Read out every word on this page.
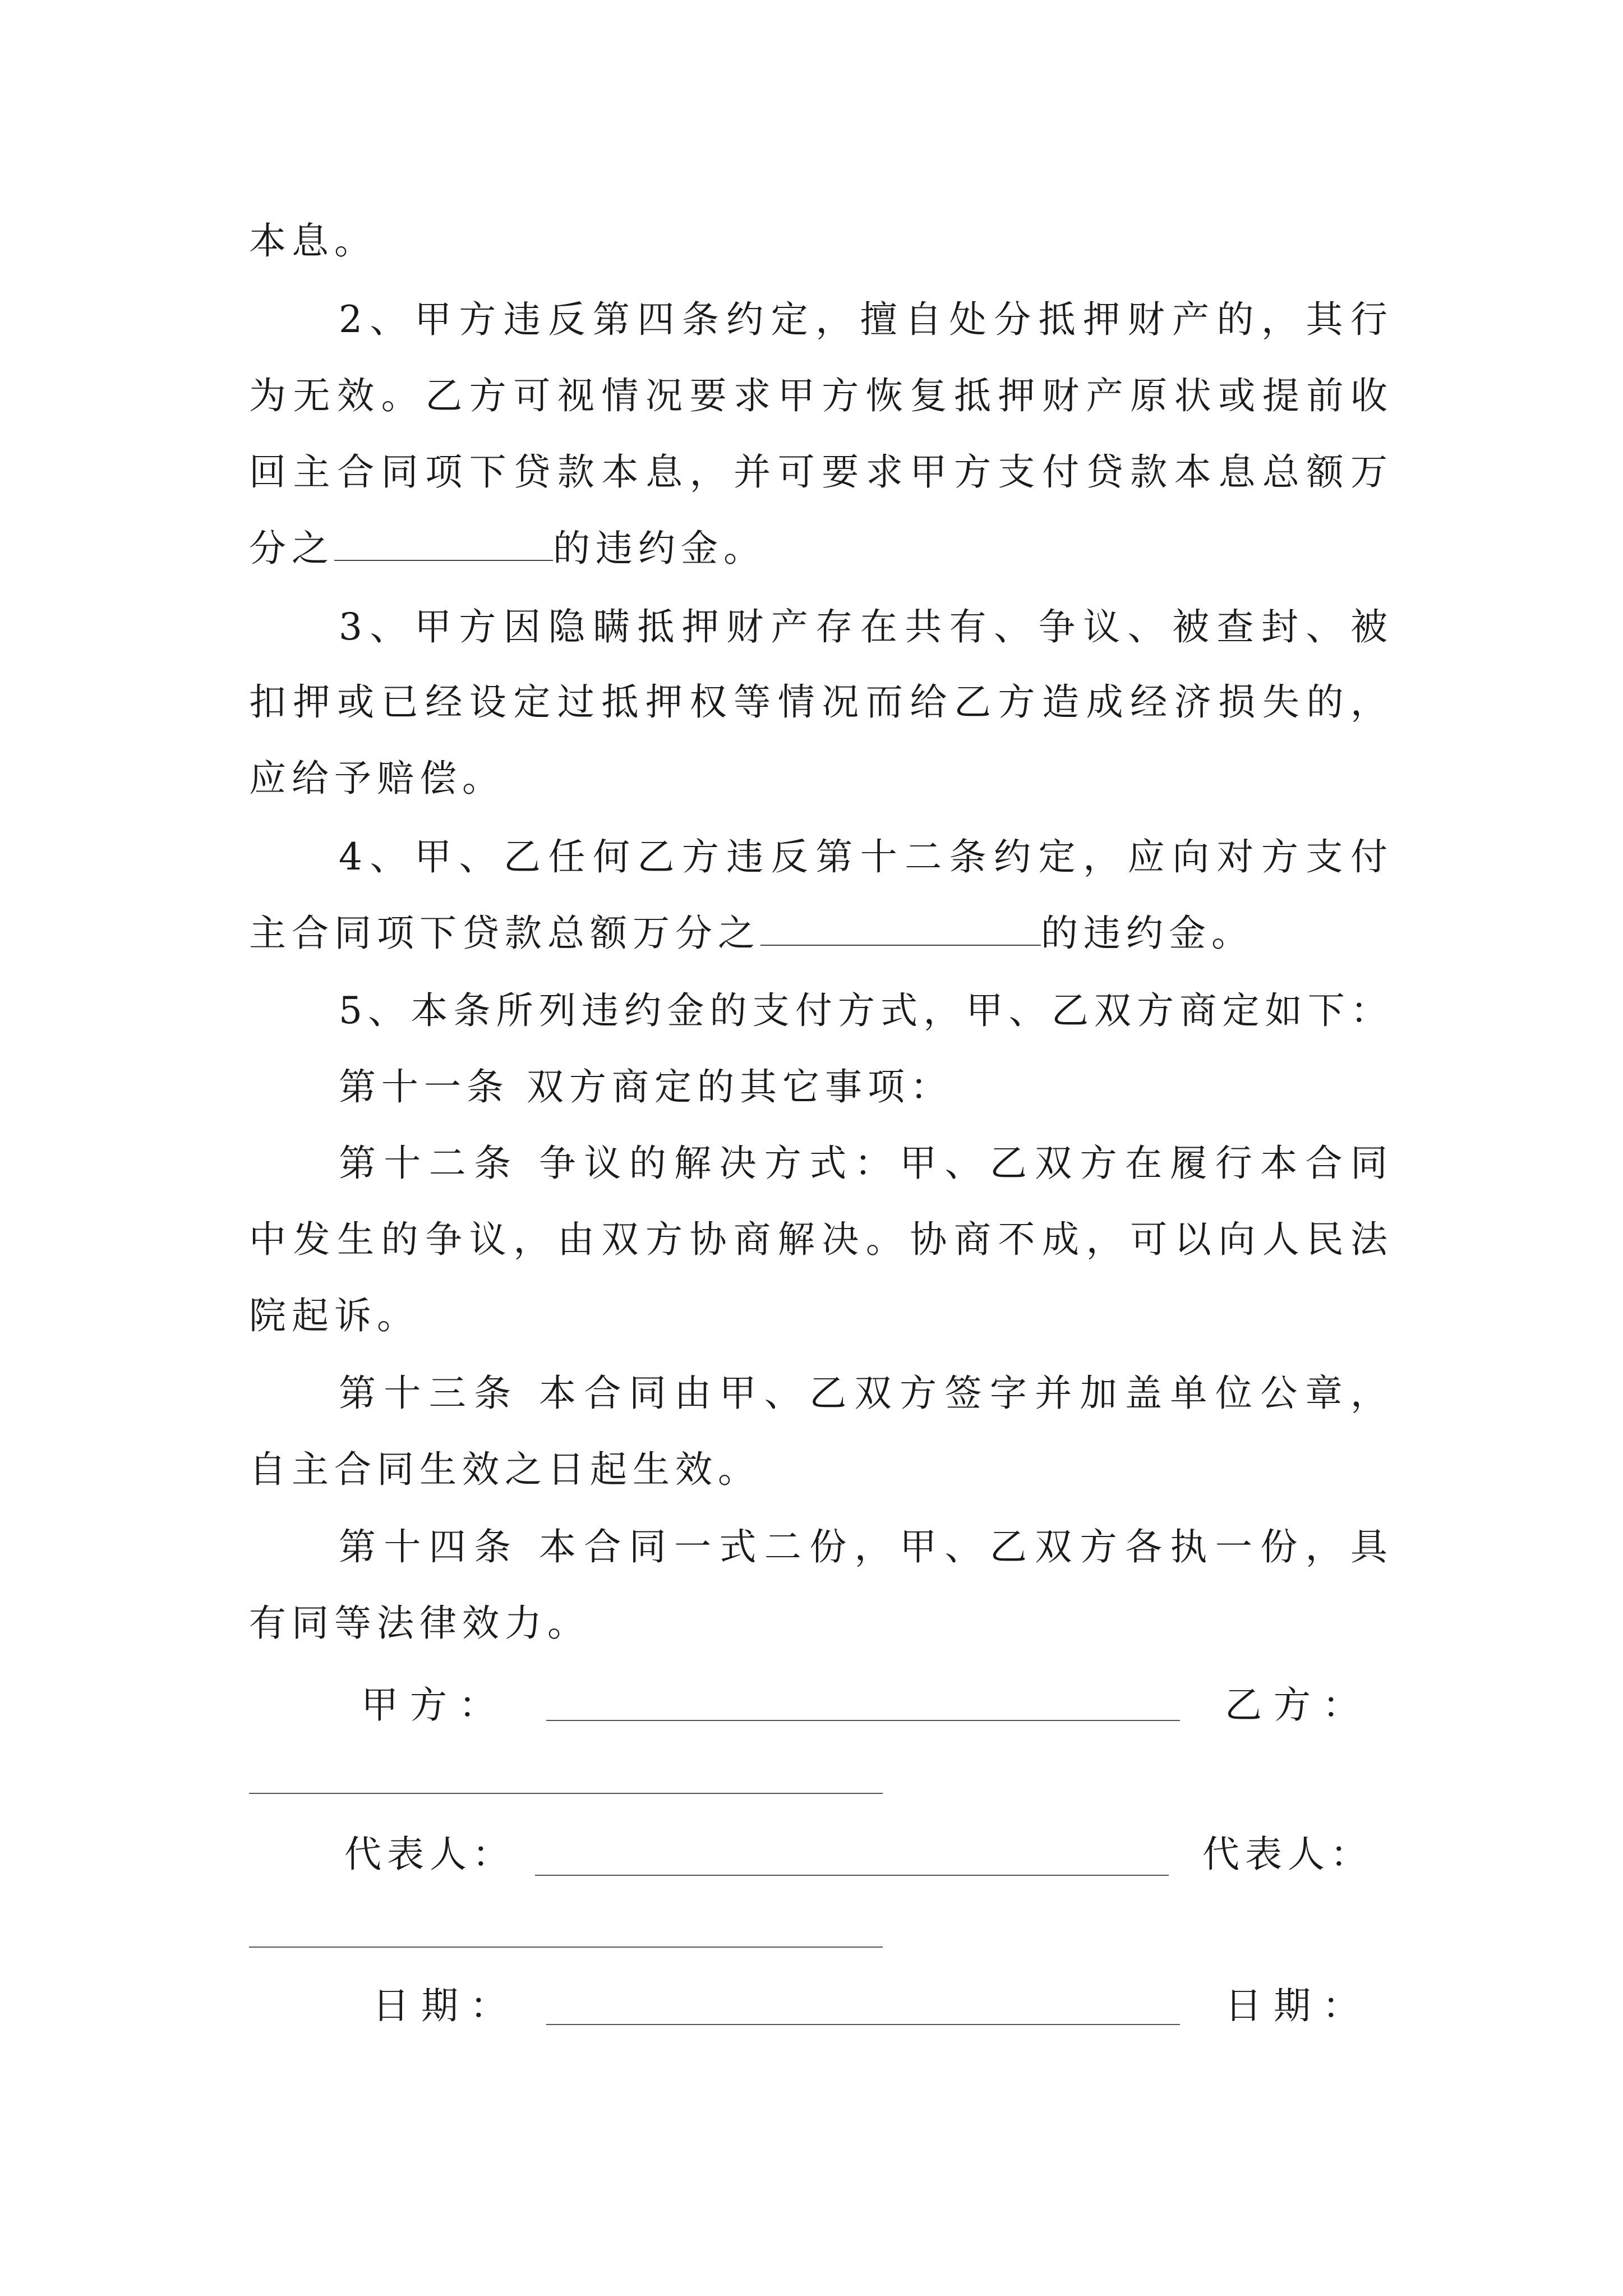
本息。
2、甲方违反第四条约定，擅自处分抵押财产的，其行
为无效。乙方可视情况要求甲方恢复抵押财产原状或提前收
回主合同项下贷款本息，并可要求甲方支付贷款本息总额万
分之	的违约金。
3、甲方因隐瞒抵押财产存在共有、争议、被查封、被
扣押或已经设定过抵押权等情况而给乙方造成经济损失的，
应给予赔偿。
4、甲、乙任何乙方违反第十二条约定，应向对方支付
主合同项下贷款总额万分之	的违约金。
5、本条所列违约金的支付方式，甲、乙双方商定如下：
第十一条 双方商定的其它事项：
第十二条 争议的解决方式：甲、乙双方在履行本合同
中发生的争议，由双方协商解决。协商不成，可以向人民法
院起诉。
第十三条 本合同由甲、乙双方签字并加盖单位公章，
自主合同生效之日起生效。
第十四条 本合同一式二份，甲、乙双方各执一份，具
有同等法律效力。
甲 方 ：	乙 方 ：
代表人：	代表人：
日 期 ：	日 期 ：
